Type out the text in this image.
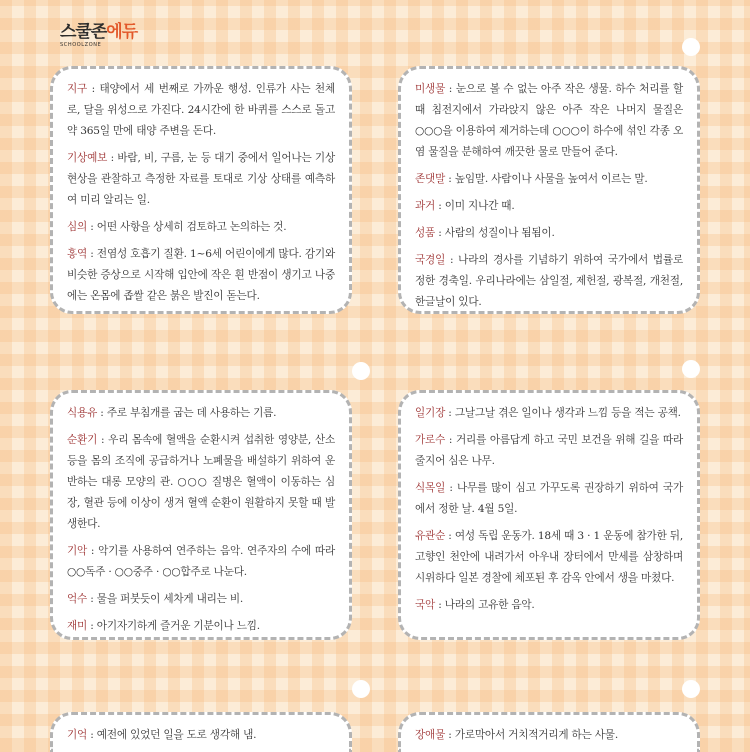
스쿨존에듀
SCHOOLZONE
지구 : 태양에서 세 번째로 가까운 행성. 인류가 사는 천체로, 달을 위성으로 가진다. 24시간에 한 바퀴를 스스로 돌고 약 365일 만에 태양 주변을 돈다.
기상예보 : 바람, 비, 구름, 눈 등 대기 중에서 일어나는 기상 현상을 관찰하고 측정한 자료를 토대로 기상 상태를 예측하여 미리 알리는 일.
심의 : 어떤 사항을 상세히 검토하고 논의하는 것.
홍역 : 전염성 호흡기 질환. 1~6세 어린이에게 많다. 감기와 비슷한 증상으로 시작해 입안에 작은 흰 반점이 생기고 나중에는 온몸에 좁쌀 같은 붉은 발진이 돋는다.
미생물 : 눈으로 볼 수 없는 아주 작은 생물. 하수 처리를 할 때 침전지에서 가라앉지 않은 아주 작은 나머지 물질은 ○○○을 이용하여 제거하는데 ○○○이 하수에 섞인 각종 오염 물질을 분해하여 깨끗한 물로 만들어 준다.
존댓말 : 높임말. 사람이나 사물을 높여서 이르는 말.
과거 : 이미 지나간 때.
성품 : 사람의 성질이나 됨됨이.
국경일 : 나라의 경사를 기념하기 위하여 국가에서 법률로 정한 경축일. 우리나라에는 삼일절, 제헌절, 광복절, 개천절, 한글날이 있다.
식용유 : 주로 부침개를 굽는 데 사용하는 기름.
순환기 : 우리 몸속에 혈액을 순환시켜 섭취한 영양분, 산소 등을 몸의 조직에 공급하거나 노폐물을 배설하기 위하여 운반하는 대롱 모양의 관. ○○○ 질병은 혈액이 이동하는 심장, 혈관 등에 이상이 생겨 혈액 순환이 원활하지 못할 때 발생한다.
기악 : 악기를 사용하여 연주하는 음악. 연주자의 수에 따라 ○○독주 · ○○중주 · ○○합주로 나눈다.
억수 : 물을 퍼붓듯이 세차게 내리는 비.
재미 : 아기자기하게 즐거운 기분이나 느낌.
일기장 : 그날그날 겪은 일이나 생각과 느낌 등을 적는 공책.
가로수 : 거리를 아름답게 하고 국민 보건을 위해 길을 따라 줄지어 심은 나무.
식목일 : 나무를 많이 심고 가꾸도록 권장하기 위하여 국가에서 정한 날. 4월 5일.
유관순 : 여성 독립 운동가. 18세 때 3 · 1 운동에 참가한 뒤, 고향인 천안에 내려가서 아우내 장터에서 만세를 삼창하며 시위하다 일본 경찰에 체포된 후 감옥 안에서 생을 마쳤다.
국악 : 나라의 고유한 음악.
기억 : 예전에 있었던 일을 도로 생각해 냄.	장애물 : 가로막아서 거치적거리게 하는 사물.
